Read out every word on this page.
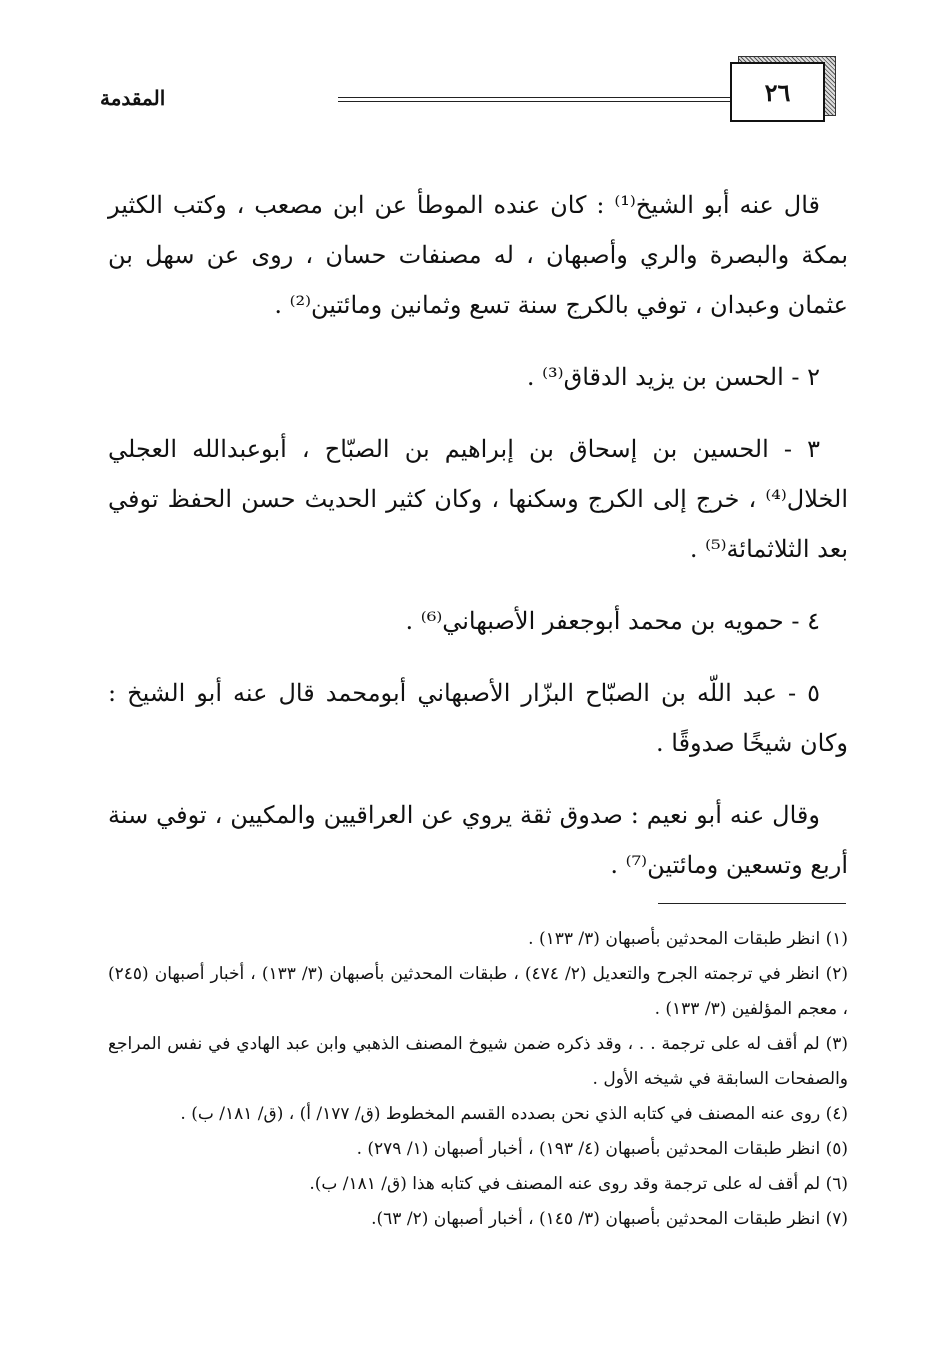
٢٦
المقدمة

قال عنه أبو الشيخ⁽¹⁾ : كان عنده الموطأ عن ابن مصعب ، وكتب الكثير بمكة والبصرة والري وأصبهان ، له مصنفات حسان ، روى عن سهل بن عثمان وعبدان ، توفي بالكرج سنة تسع وثمانين ومائتين⁽²⁾ .

٢ - الحسن بن يزيد الدقاق⁽³⁾ .

٣ - الحسين بن إسحاق بن إبراهيم بن الصبّاح ، أبوعبدالله العجلي الخلال⁽⁴⁾ ، خرج إلى الكرج وسكنها ، وكان كثير الحديث حسن الحفظ توفي بعد الثلاثمائة⁽⁵⁾ .

٤ - حمويه بن محمد أبوجعفر الأصبهاني⁽⁶⁾ .

٥ - عبد اللّه بن الصبّاح البزّار الأصبهاني أبومحمد قال عنه أبو الشيخ : وكان شيخًا صدوقًا .

وقال عنه أبو نعيم : صدوق ثقة يروي عن العراقيين والمكيين ، توفي سنة أربع وتسعين ومائتين⁽⁷⁾ .

(١) انظر طبقات المحدثين بأصبهان (٣/ ١٣٣) .

(٢) انظر في ترجمته الجرح والتعديل (٢/ ٤٧٤) ، طبقات المحدثين بأصبهان (٣/ ١٣٣) ، أخبار أصبهان (٢٤٥) ، معجم المؤلفين (٣/ ١٣٣) .

(٣) لم أقف له على ترجمة . . ، وقد ذكره ضمن شيوخ المصنف الذهبي وابن عبد الهادي في نفس المراجع والصفحات السابقة في شيخه الأول .

(٤) روى عنه المصنف في كتابه الذي نحن بصدده القسم المخطوط (ق/ ١٧٧/ أ) ، (ق/ ١٨١/ ب) .

(٥) انظر طبقات المحدثين بأصبهان (٤/ ١٩٣) ، أخبار أصبهان (١/ ٢٧٩) .

(٦) لم أقف له على ترجمة وقد روى عنه المصنف في كتابه هذا (ق/ ١٨١/ ب).

(٧) انظر طبقات المحدثين بأصبهان (٣/ ١٤٥) ، أخبار أصبهان (٢/ ٦٣).
